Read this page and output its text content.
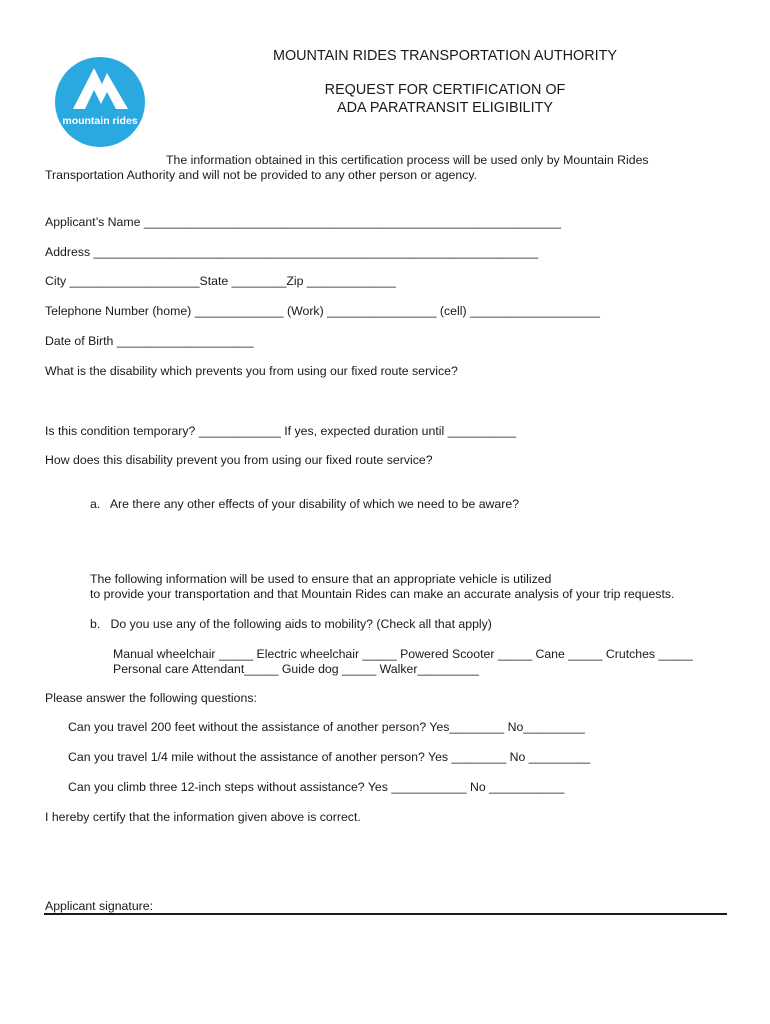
mountain rides
MOUNTAIN RIDES TRANSPORTATION AUTHORITY
REQUEST FOR CERTIFICATION OF
ADA PARATRANSIT ELIGIBILITY
The information obtained in this certification process will be used only by Mountain Rides
Transportation Authority and will not be provided to any other person or agency.
Applicant’s Name _____________________________________________________________
Address _________________________________________________________________
City ___________________State ________Zip _____________
Telephone Number (home) _____________ (Work) ________________ (cell) ___________________
Date of Birth ____________________
What is the disability which prevents you from using our fixed route service?
Is this condition temporary? ____________ If yes, expected duration until __________
How does this disability prevent you from using our fixed route service?
a.   Are there any other effects of your disability of which we need to be aware?
The following information will be used to ensure that an appropriate vehicle is utilized
to provide your transportation and that Mountain Rides can make an accurate analysis of your trip requests.
b.   Do you use any of the following aids to mobility? (Check all that apply)
Manual wheelchair _____ Electric wheelchair _____ Powered Scooter _____ Cane _____ Crutches _____
Personal care Attendant_____ Guide dog _____ Walker_________
Please answer the following questions:
Can you travel 200 feet without the assistance of another person? Yes________ No_________
Can you travel 1/4 mile without the assistance of another person? Yes ________ No _________
Can you climb three 12-inch steps without assistance? Yes ___________ No ___________
I hereby certify that the information given above is correct.
Applicant signature:
